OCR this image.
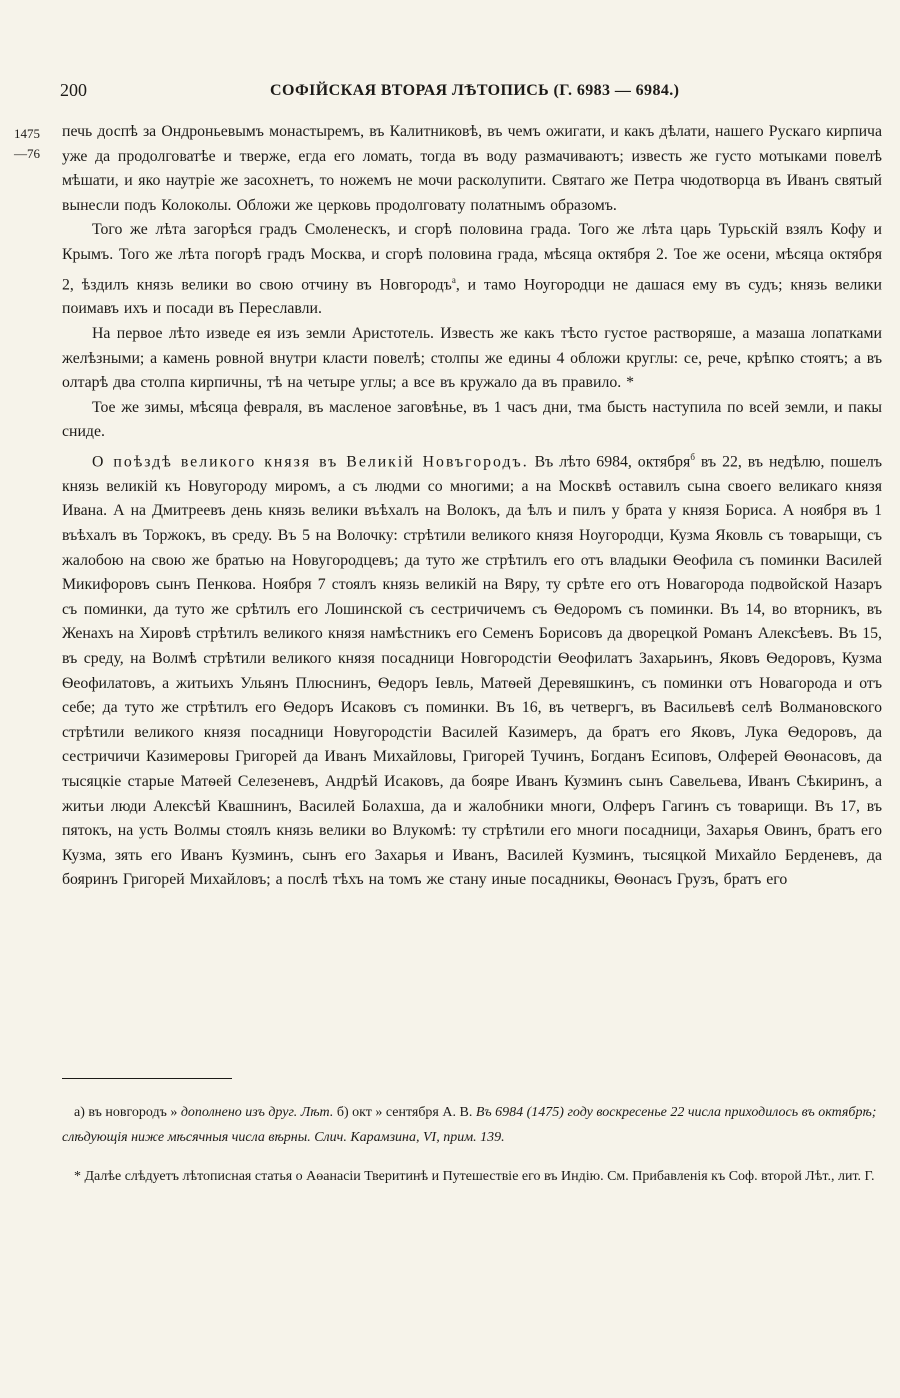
200	СОФІЙСКАЯ ВТОРАЯ ЛѢТОПИСЬ (Г. 6983 — 6984.)
1475
—76

печь доспѣ за Ондроньевымъ монастыремъ, въ Калитниковѣ, въ чемъ ожигати, и какъ дѣлати, нашего Рускаго кирпича уже да продолговатѣе и твержe, егда его ломать, тогда въ воду размачиваютъ; известь же густо мотыками повелѣ мѣшати, и яко наутріе же засохнетъ, то ножемъ не мочи расколупити. Святаго же Петра чюдотворца въ Иванъ святый вынесли подъ Колоколы. Обложи же церковь продолговату полатнымъ образомъ.

Того же лѣта загорѣся градъ Смоленескъ, и сгорѣ половина града. Того же лѣта царь Турьскій взялъ Кофу и Крымъ. Того же лѣта погорѣ градъ Москва, и сгорѣ половина града, мѣсяца октября 2. Тое же осени, мѣсяца октября 2, ѣздилъ князь велики во свою отчину въ Новгородъ$^а$, и тамо Ноугородци не дашася ему въ судъ; князь велики поимавъ ихъ и посади въ Переславли.

На первое лѣто изведе ея изъ земли Аристотель. Известь же какъ тѣсто густое раствоpяше, а мазаша лопатками желѣзными; а камень ровной внутри класти повелѣ; столпы же едины 4 обложи круглы: се, рече, крѣпко стоятъ; а въ олтарѣ два столпа кирпичны, тѣ на четыре углы; а все въ кружало да въ правило. *

Тое же зимы, мѣсяца февраля, въ масленое заговѣнье, въ 1 часъ дни, тма бысть наступила по всей земли, и пакы сниде.

О поѣздѣ великого князя въ Великій Новъгородъ. Въ лѣто 6984, октября$^б$ въ 22, въ недѣлю, пошелъ князь великій къ Новугороду миромъ, а съ людми со многими; а на Москвѣ оставилъ сына своего великаго князя Ивана. А на Дмитреевъ день князь велики въѣхалъ на Волокъ, да ѣлъ и пилъ у брата у князя Бориса. А ноября въ 1 въѣхалъ въ Торжокъ, въ среду. Въ 5 на Волочку: стрѣтили великого князя Ноугородци, Кузма Яковль съ товарыщи, съ жалобою на свою же братью на Новугородцевъ; да туто же стрѣтилъ его отъ владыки Ѳеофила съ поминки Василей Микифоровъ сынъ Пенкова. Ноября 7 стоялъ князь великій на Вяру, ту срѣте его отъ Новагорода подвойской Назаръ съ поминки, да туто же срѣтилъ его Лошинской съ сестричичемъ съ Ѳедоромъ съ поминки. Въ 14, во вторникъ, въ Женахъ на Хировѣ стрѣтилъ великого князя намѣстникъ его Семенъ Борисовъ да дворецкой Романъ Алексѣевъ. Въ 15, въ среду, на Волмѣ стрѣтили великого князя посадници Новгородстіи Ѳеофилатъ Захарьинъ, Яковъ Ѳедоровъ, Кузма Ѳеофилатовъ, а житьихъ Ульянъ Плюснинъ, Ѳедоръ Іевль, Матѳей Деревяшкинъ, съ поминки отъ Новагорода и отъ себе; да туто же стрѣтилъ его Ѳедоръ Исаковъ съ поминки. Въ 16, въ четвергъ, въ Васильевѣ селѣ Волмановского стрѣтили великого князя посадници Новугородстіи Василей Казимеръ, да братъ его Яковъ, Лука Ѳедоровъ, да сестричичи Казимеровы Григорей да Иванъ Михайловы, Григорей Тучинъ, Богданъ Есиповъ, Олферей Ѳѳонасовъ, да тысяцкіе старые Матѳей Селезеневъ, Андрѣй Исаковъ, да бояре Иванъ Кузминъ сынъ Савельева, Иванъ Сѣкиринъ, а житьи люди Алексѣй Квашнинъ, Василей Болахша, да и жалобники многи, Олферъ Гагинъ съ товарищи. Въ 17, въ пятокъ, на усть Волмы стоялъ князь велики во Влукомѣ: ту стрѣтили его многи посадници, Захарья Овинъ, братъ его Кузма, зять его Иванъ Кузминъ, сынъ его Захарья и Иванъ, Василей Кузминъ, тысяцкой Михайло Берденевъ, да бояринъ Григорей Михайловъ; а послѣ тѣхъ на томъ же стану иные посадникы, Ѳѳонасъ Грузъ, братъ его

а) въ новгородъ » дополнено изъ друг. Лѣт. б) окт » сентября А. В. Въ 6984 (1475) году воскресенье 22 числа приходилось въ октябрѣ; слѣдующія ниже мѣсячныя числа вѣрны. Слич. Карамзина, VI, прим. 139.

* Далѣе слѣдуетъ лѣтописная статья о Аѳанасіи Тверитинѣ и Путешествіе его въ Индію. См. Прибавленія къ Соф. второй Лѣт., лит. Г.
